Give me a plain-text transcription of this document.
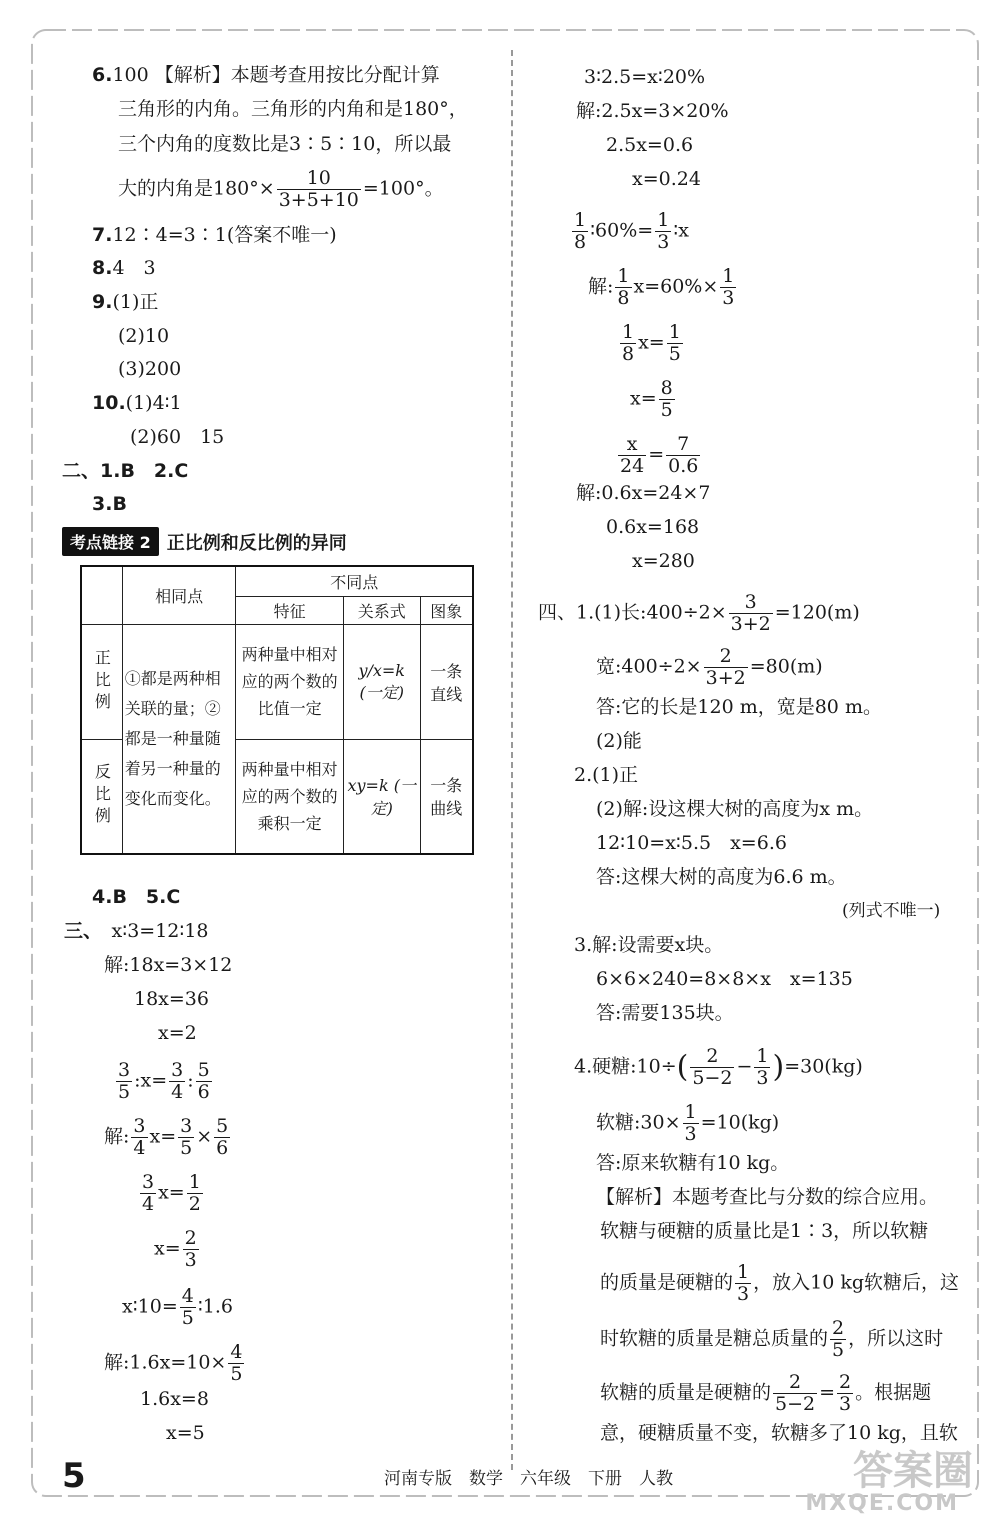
6.100 【解析】本题考查用按比分配计算
三角形的内角。三角形的内角和是180°，
三个内角的度数比是3∶5∶10，所以最
大的内角是$180^\circ\times \frac{10}{3+5+10} =100^\circ$。
7.12∶4=3∶1(答案不唯一)
8.4　3
9.(1)正
(2)10
(3)200
10.(1)4∶1
(2)60　15
二、1.B　2.C
3.B
考点链接 2 正比例和反比例的异同
	相同点	不同点		
		特征	关系式	图象
正比例	①都是两种相关联的量；②都是一种量随着另一种量的变化而变化。	两种量中相对应的两个数的比值一定	y/x=k (一定)	一条直线
反比例		两种量中相对应的两个数的乘积一定	xy=k (一定)	一条曲线
4.B　5.C
三、　 x∶3=12∶18
解:18x=3×12
18x=36
x=2
$\frac{3}{5}$ :x= $\frac{3}{4}$ : $\frac{5}{6}$
解: $\frac{3}{4} x= \frac{3}{5} \times \frac{5}{6}$
$\frac{3}{4} x= \frac{1}{2}$
$x= \frac{2}{3}$
x∶10= $\frac{4}{5}$ ∶1.6
解:1.6x=10× $\frac{4}{5}$
1.6x=8
x=5
3∶2.5=x∶20%
解:2.5x=3×20%
2.5x=0.6
x=0.24
$\frac{1}{8}$ ∶60%= $\frac{1}{3}$ ∶x
解: $\frac{1}{8} x=60\%\times \frac{1}{3}$
$\frac{1}{8} x= \frac{1}{5}$
$x= \frac{8}{5}$
$\frac{x}{24} = \frac{7}{0.6}$
解:0.6x=24×7
0.6x=168
x=280
四、1.(1)长:400÷2× $\frac{3}{3+2} =120(m)$
宽:400÷2× $\frac{2}{3+2} =80(m)$
答:它的长是120 m，宽是80 m。
(2)能
2.(1)正
(2)解:设这棵大树的高度为x m。
12∶10=x∶5.5　x=6.6
答:这棵大树的高度为6.6 m。
(列式不唯一)
3.解:设需要x块。
6×6×240=8×8×x　x=135
答:需要135块。
4.硬糖:10÷( $\frac{2}{5-2} - \frac{1}{3} )=30(kg)$
软糖:30× $\frac{1}{3} =10(kg)$
答:原来软糖有10 kg。
【解析】本题考查比与分数的综合应用。
软糖与硬糖的质量比是1∶3，所以软糖
的质量是硬糖的 $\frac{1}{3}$ ，放入10 kg软糖后，这
时软糖的质量是糖总质量的 $\frac{2}{5}$ ，所以这时
软糖的质量是硬糖的 $\frac{2}{5-2} = \frac{2}{3}$ 。根据题
意，硬糖质量不变，软糖多了10 kg，且软
5	河南专版　数学　六年级　下册　人教	答案圈
MXQE.COM
